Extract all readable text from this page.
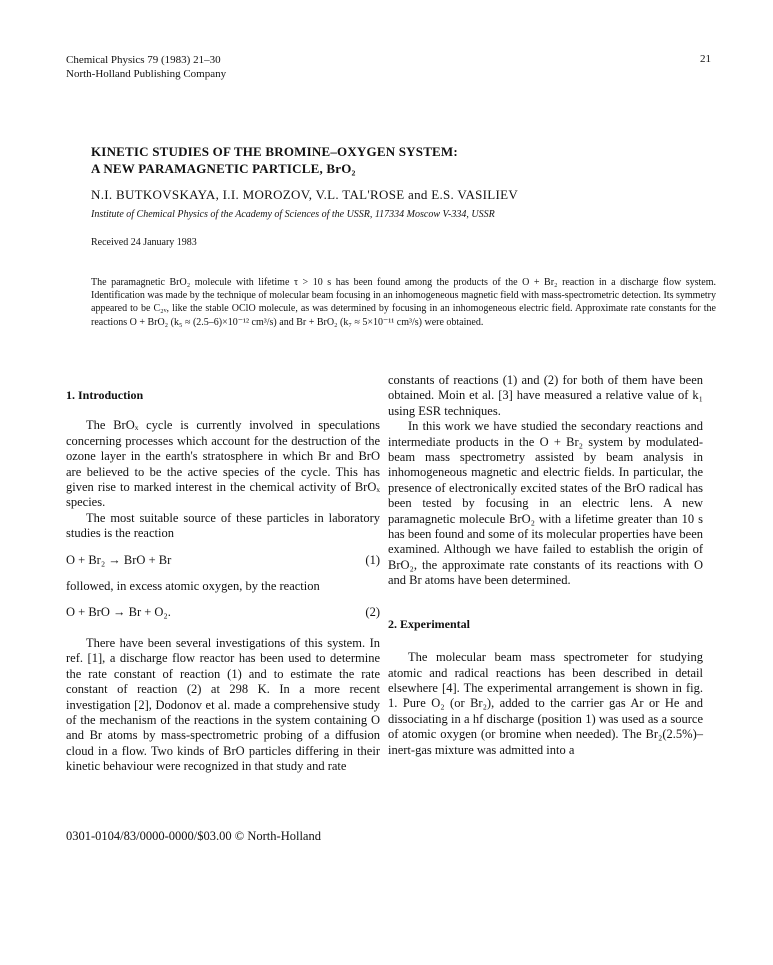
Chemical Physics 79 (1983) 21–30
North-Holland Publishing Company
21
KINETIC STUDIES OF THE BROMINE–OXYGEN SYSTEM:
A NEW PARAMAGNETIC PARTICLE, BrO₂
N.I. BUTKOVSKAYA, I.I. MOROZOV, V.L. TAL'ROSE and E.S. VASILIEV
Institute of Chemical Physics of the Academy of Sciences of the USSR, 117334 Moscow V-334, USSR
Received 24 January 1983
The paramagnetic BrO₂ molecule with lifetime τ > 10 s has been found among the products of the O + Br₂ reaction in a discharge flow system. Identification was made by the technique of molecular beam focusing in an inhomogeneous magnetic field with mass-spectrometric detection. Its symmetry appeared to be C₂ᵥ, like the stable OClO molecule, as was determined by focusing in an inhomogeneous electric field. Approximate rate constants for the reactions O + BrO₂ (k₅ ≈ (2.5–6)×10⁻¹² cm³/s) and Br + BrO₂ (k₇ ≈ 5×10⁻¹¹ cm³/s) were obtained.
1. Introduction

The BrOₓ cycle is currently involved in speculations concerning processes which account for the destruction of the ozone layer in the earth's stratosphere in which Br and BrO are believed to be the active species of the cycle. This has given rise to marked interest in the chemical activity of BrOₓ species.

The most suitable source of these particles in laboratory studies is the reaction

O + Br₂ → BrO + Br	(1)

followed, in excess atomic oxygen, by the reaction

O + BrO → Br + O₂.	(2)

There have been several investigations of this system. In ref. [1], a discharge flow reactor has been used to determine the rate constant of reaction (1) and to estimate the rate constant of reaction (2) at 298 K. In a more recent investigation [2], Dodonov et al. made a comprehensive study of the mechanism of the reactions in the system containing O and Br atoms by mass-spectrometric probing of a diffusion cloud in a flow. Two kinds of BrO particles differing in their kinetic behaviour were recognized in that study and rate

constants of reactions (1) and (2) for both of them have been obtained. Moin et al. [3] have measured a relative value of k₁ using ESR techniques.

In this work we have studied the secondary reactions and intermediate products in the O + Br₂ system by modulated-beam mass spectrometry assisted by beam analysis in inhomogeneous magnetic and electric fields. In particular, the presence of electronically excited states of the BrO radical has been tested by focusing in an electric lens. A new paramagnetic molecule BrO₂ with a lifetime greater than 10 s has been found and some of its molecular properties have been examined. Although we have failed to establish the origin of BrO₂, the approximate rate constants of its reactions with O and Br atoms have been determined.

2. Experimental

The molecular beam mass spectrometer for studying atomic and radical reactions has been described in detail elsewhere [4]. The experimental arrangement is shown in fig. 1. Pure O₂ (or Br₂), added to the carrier gas Ar or He and dissociating in a hf discharge (position 1) was used as a source of atomic oxygen (or bromine when needed). The Br₂(2.5%)–inert-gas mixture was admitted into a

0301-0104/83/0000-0000/$03.00 © North-Holland
